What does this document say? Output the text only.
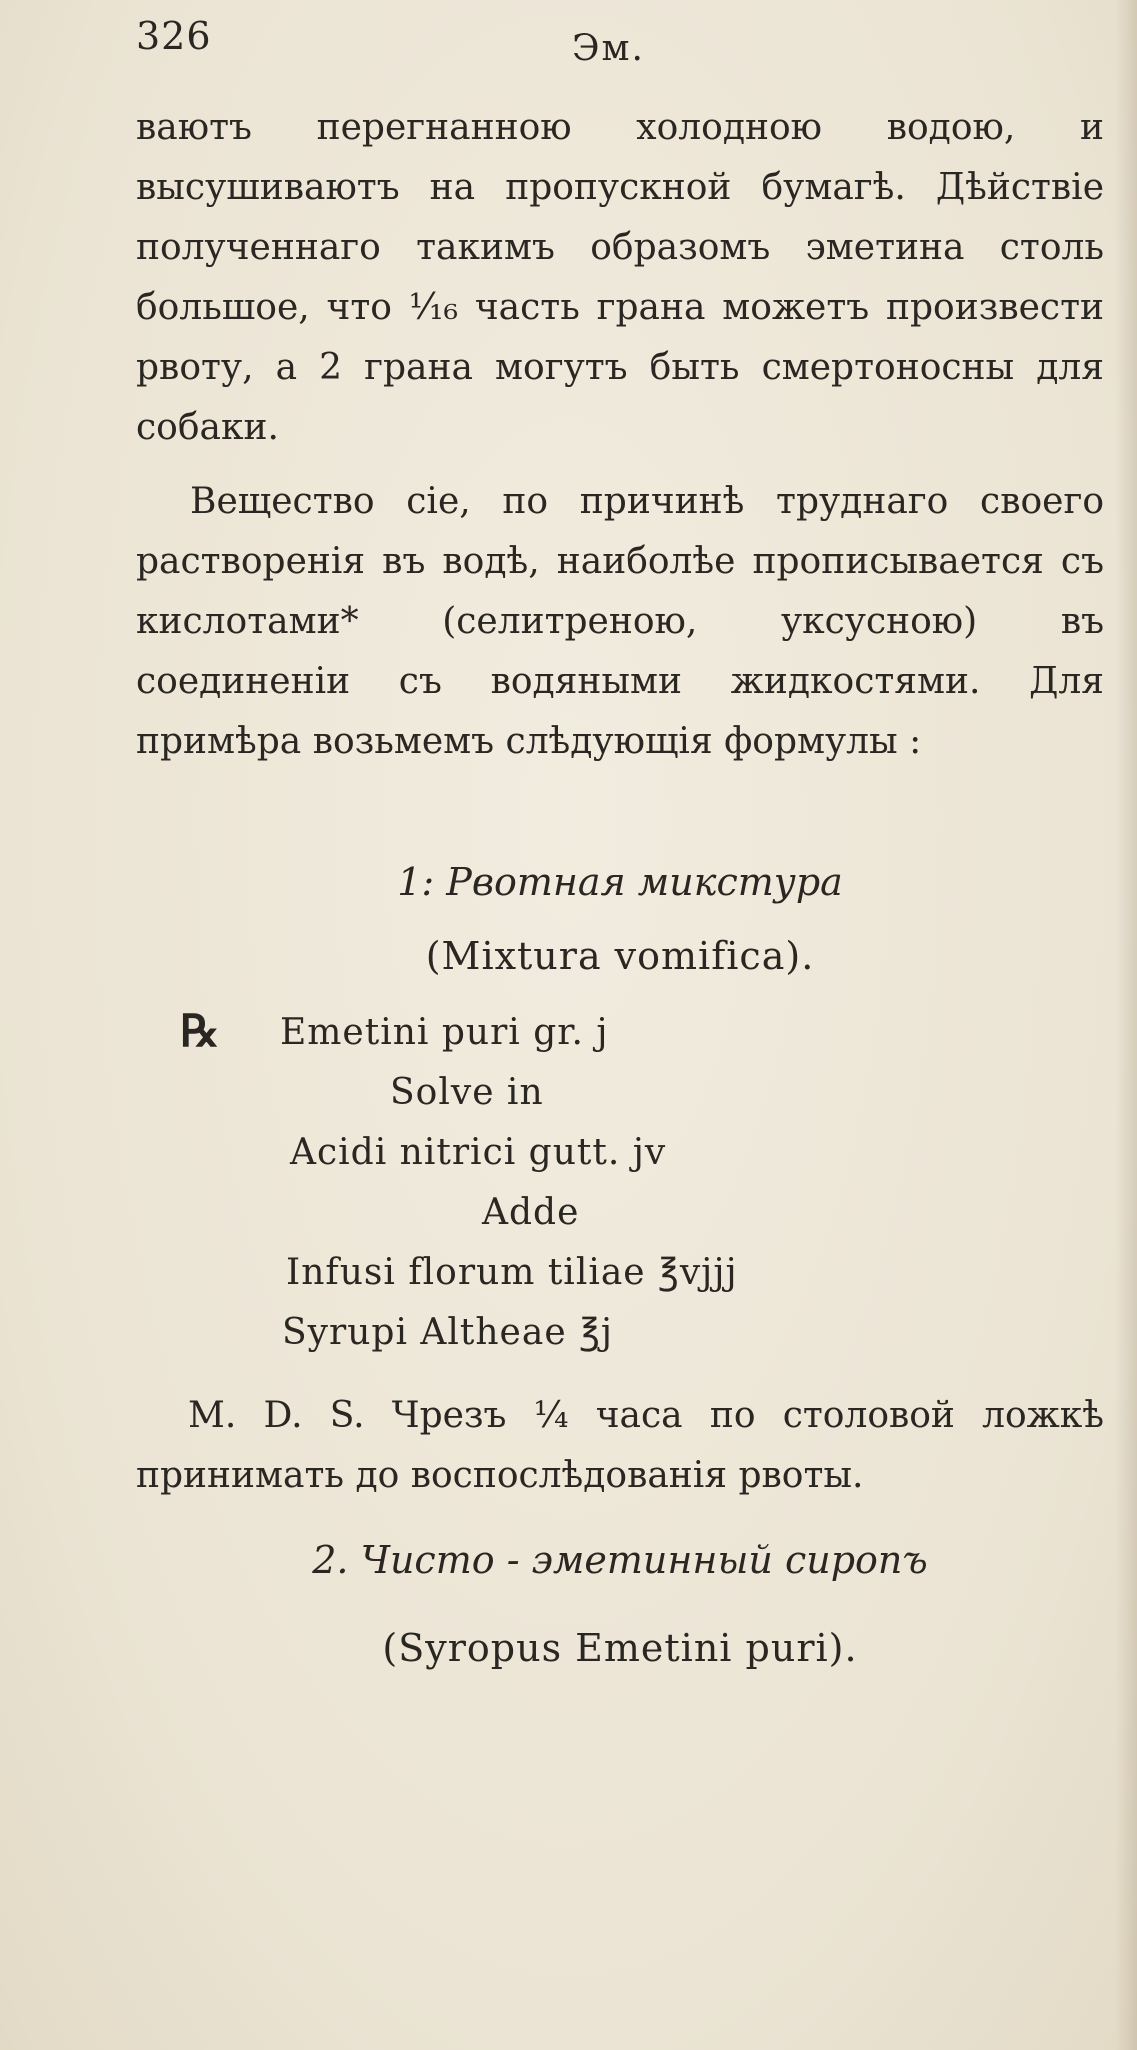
326	Эм.

ваютъ перегнанною холодною водою, и высушиваютъ на пропускной бумагѣ. Дѣйствіе полученнаго такимъ образомъ эметина столь большое, что ¹⁄₁₆ часть грана можетъ произвести рвоту, а 2 грана могутъ быть смертоносны для собаки.

Вещество сіе, по причинѣ труднаго своего растворенія въ водѣ, наиболѣе прописывается съ кислотами* (селитреною, уксусною) въ соединеніи съ водяными жидкостями. Для примѣра возьмемъ слѣдующія формулы :

1: Рвотная микстура
(Mixtura vomifica).
℞ Emetini puri gr. j
Solve in
Acidi nitrici gutt. jv
Adde
Infusi florum tiliae ℥vjjj
Syrupi Altheae ℥j

M. D. S. Чрезъ ¼ часа по столовой ложкѣ принимать до воспослѣдованія рвоты.

2. Чисто - эметинный сиропъ
(Syropus Emetini puri).
